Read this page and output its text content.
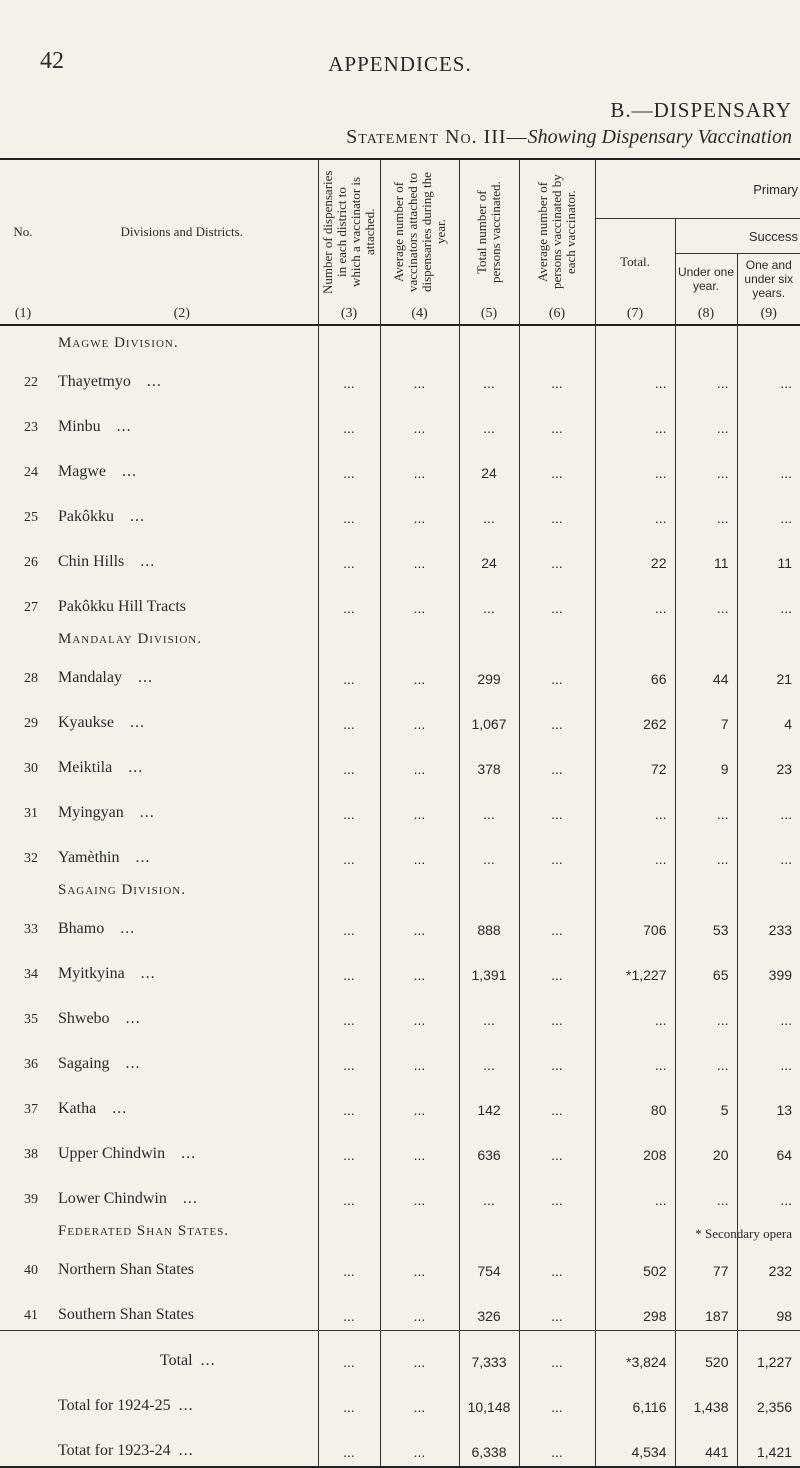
42	APPENDICES.
B.—DISPENSARY
Statement No. III—Showing Dispensary Vaccination
No.	Divisions and Districts.	Number of dispensaries in each district to which a vaccinator is attached.	Average number of vaccinators attached to dispensaries during the year.	Total number of persons vaccinated.	Average number of persons vaccinated by each vaccinator.	Primary		
						Total.	Success	
							Under one year.	One and under six years.
(1)	(2)	(3)	(4)	(5)	(6)	(7)	(8)	(9)
	Magwe Division.							
22	Thayetmyo ...	...	...	...	...	...	...	...
23	Minbu ...	...	...	...	...	...	...	
24	Magwe ...	...	...	24	...	...	...	...
25	Pakôkku ...	...	...	...	...	...	...	...
26	Chin Hills ...	...	...	24	...	22	11	11
27	Pakôkku Hill Tracts	...	...	...	...	...	...	...
	Mandalay Division.							
28	Mandalay ...	...	...	299	...	66	44	21
29	Kyaukse ...	...	...	1,067	...	262	7	4
30	Meiktila ...	...	...	378	...	72	9	23
31	Myingyan ...	...	...	...	...	...	...	...
32	Yamèthin ...	...	...	...	...	...	...	...
	Sagaing Division.							
33	Bhamo ...	...	...	888	...	706	53	233
34	Myitkyina ...	...	...	1,391	...	*1,227	65	399
35	Shwebo ...	...	...	...	...	...	...	...
36	Sagaing ...	...	...	...	...	...	...	...
37	Katha ...	...	...	142	...	80	5	13
38	Upper Chindwin ...	...	...	636	...	208	20	64
39	Lower Chindwin ...	...	...	...	...	...	...	...
	Federated Shan States.							
40	Northern Shan States	...	...	754	...	502	77	232
41	Southern Shan States	...	...	326	...	298	187	98
	Total ...	...	...	7,333	...	*3,824	520	1,227
	Total for 1924-25 ...	...	...	10,148	...	6,116	1,438	2,356
	Totat for 1923-24 ...	...	...	6,338	...	4,534	441	1,421
* Secondary opera
